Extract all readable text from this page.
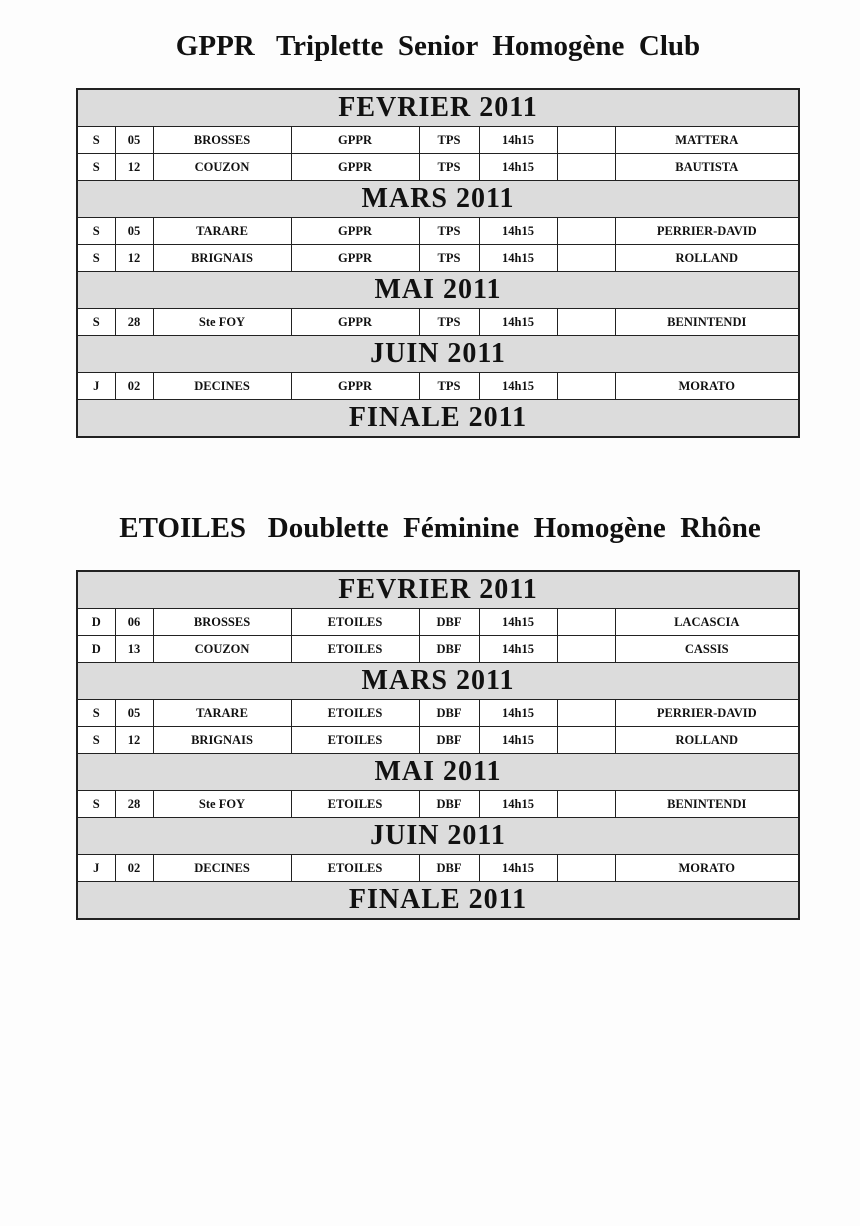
GPPR   Triplette  Senior  Homogène  Club
FEVRIER 2011							
S	05	BROSSES	GPPR	TPS	14h15		MATTERA
S	12	COUZON	GPPR	TPS	14h15		BAUTISTA
MARS 2011							
S	05	TARARE	GPPR	TPS	14h15		PERRIER-DAVID
S	12	BRIGNAIS	GPPR	TPS	14h15		ROLLAND
MAI 2011							
S	28	Ste FOY	GPPR	TPS	14h15		BENINTENDI
JUIN 2011							
J	02	DECINES	GPPR	TPS	14h15		MORATO
FINALE 2011							
ETOILES   Doublette  Féminine  Homogène  Rhône
FEVRIER 2011							
D	06	BROSSES	ETOILES	DBF	14h15		LACASCIA
D	13	COUZON	ETOILES	DBF	14h15		CASSIS
MARS 2011							
S	05	TARARE	ETOILES	DBF	14h15		PERRIER-DAVID
S	12	BRIGNAIS	ETOILES	DBF	14h15		ROLLAND
MAI 2011							
S	28	Ste FOY	ETOILES	DBF	14h15		BENINTENDI
JUIN 2011							
J	02	DECINES	ETOILES	DBF	14h15		MORATO
FINALE 2011							
